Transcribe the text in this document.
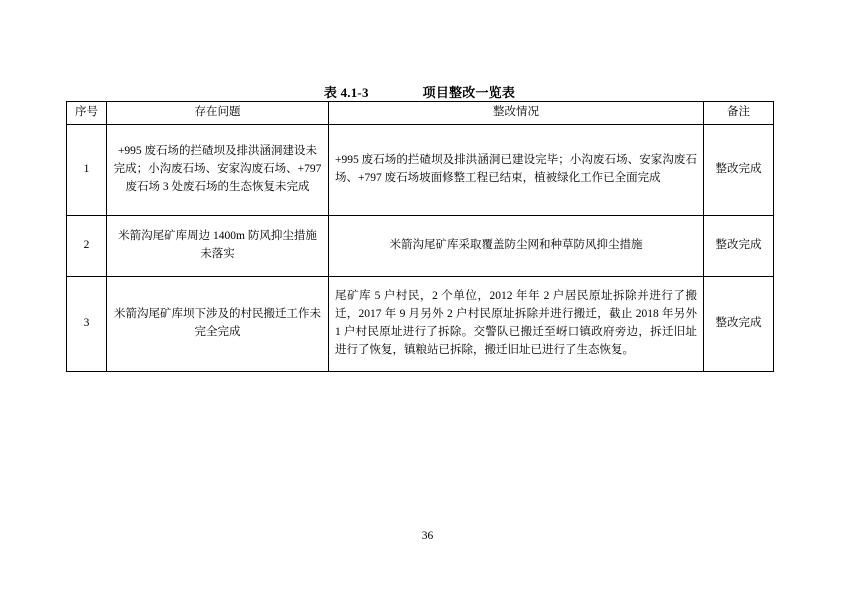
表 4.1-3	项目整改一览表
序号	存在问题	整改情况	备注
1	+995 废石场的拦碴坝及排洪涵洞建设未完成；小沟废石场、安家沟废石场、+797 废石场 3 处废石场的生态恢复未完成	+995 废石场的拦碴坝及排洪涵洞已建设完毕；小沟废石场、安家沟废石场、+797 废石场坡面修整工程已结束，植被绿化工作已全面完成	整改完成
2	米箭沟尾矿库周边 1400m 防风抑尘措施未落实	米箭沟尾矿库采取覆盖防尘网和种草防风抑尘措施	整改完成
3	米箭沟尾矿库坝下涉及的村民搬迁工作未完全完成	尾矿库 5 户村民，2 个单位，2012 年年 2 户居民原址拆除并进行了搬迁，2017 年 9 月另外 2 户村民原址拆除并进行搬迁，截止 2018 年另外 1 户村民原址进行了拆除。交警队已搬迁至岈口镇政府旁边，拆迁旧址进行了恢复，镇粮站已拆除，搬迁旧址已进行了生态恢复。	整改完成
36
